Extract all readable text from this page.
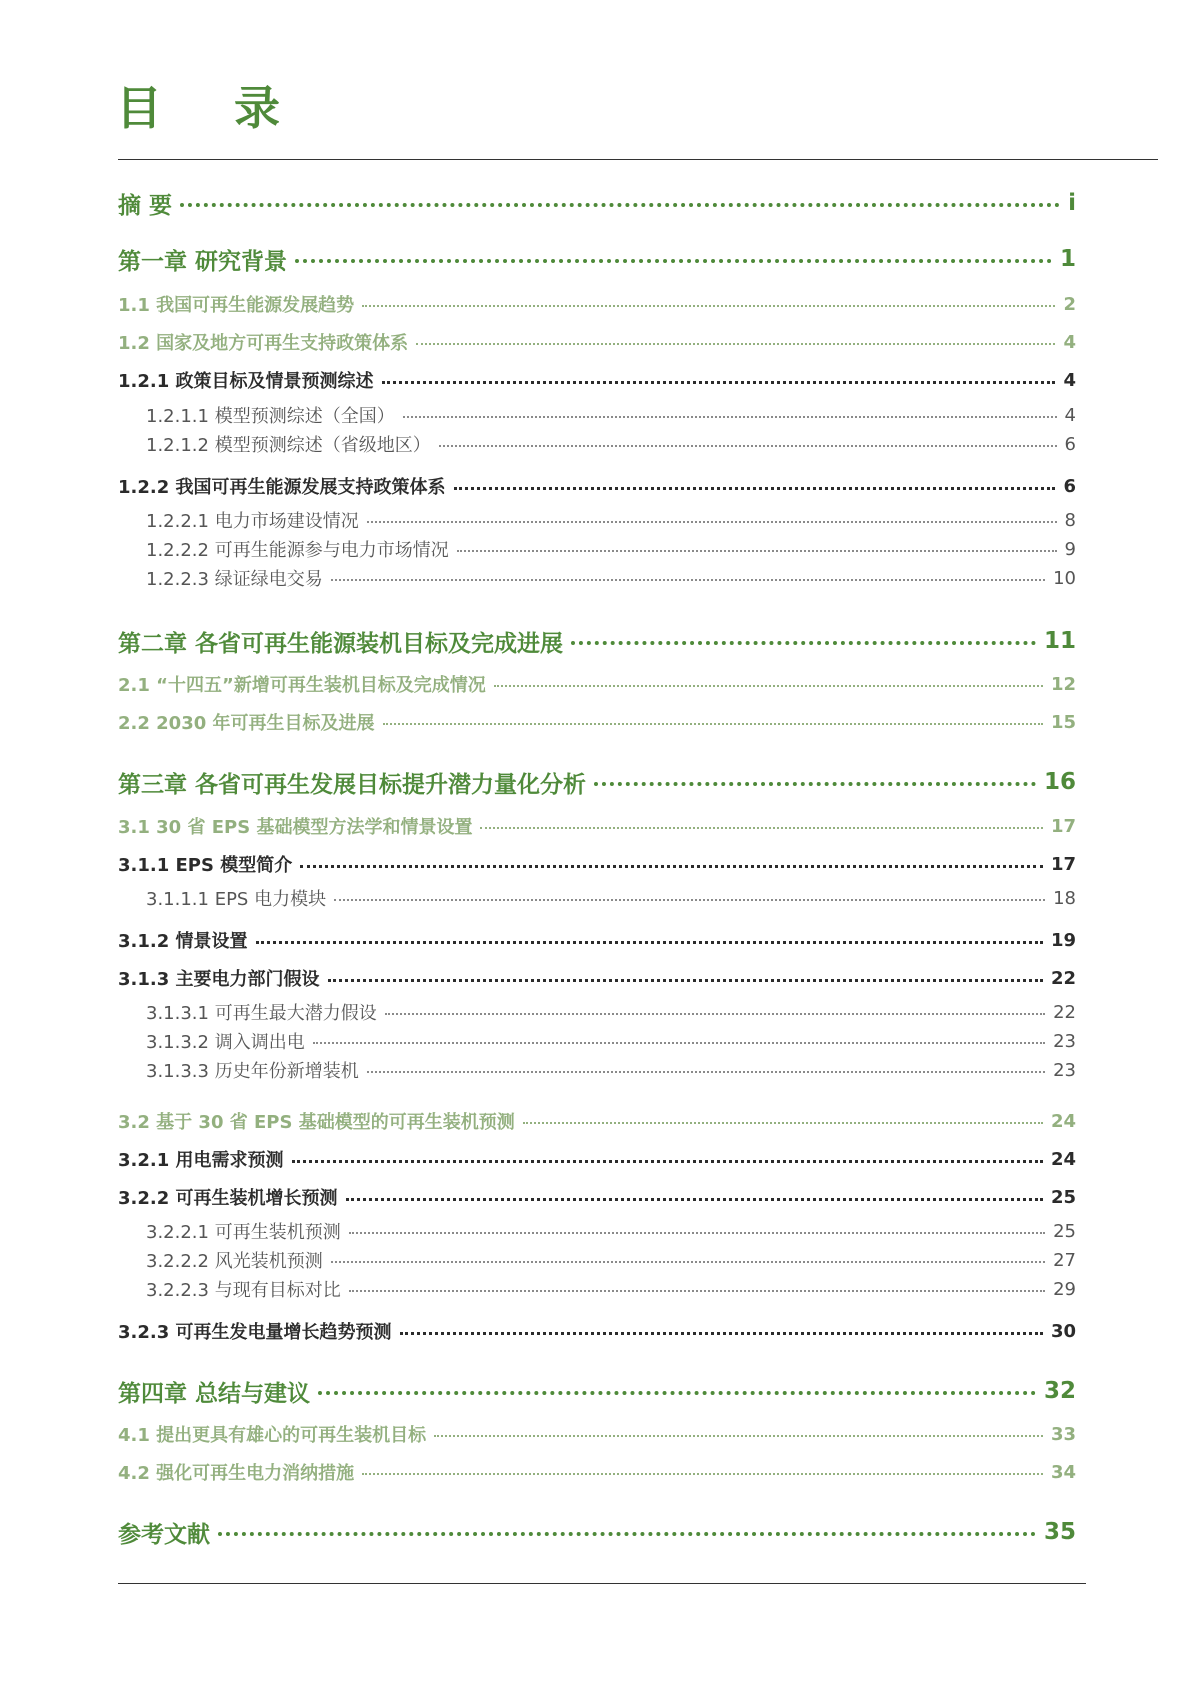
目 录
摘 要	i
第一章 研究背景	1
1.1 我国可再生能源发展趋势	2
1.2 国家及地方可再生支持政策体系	4
1.2.1 政策目标及情景预测综述	4
1.2.1.1 模型预测综述（全国）	4
1.2.1.2 模型预测综述（省级地区）	6
1.2.2 我国可再生能源发展支持政策体系	6
1.2.2.1 电力市场建设情况	8
1.2.2.2 可再生能源参与电力市场情况	9
1.2.2.3 绿证绿电交易	10
第二章 各省可再生能源装机目标及完成进展	11
2.1 “十四五”新增可再生装机目标及完成情况	12
2.2 2030 年可再生目标及进展	15
第三章 各省可再生发展目标提升潜力量化分析	16
3.1 30 省 EPS 基础模型方法学和情景设置	17
3.1.1 EPS 模型简介	17
3.1.1.1 EPS 电力模块	18
3.1.2 情景设置	19
3.1.3 主要电力部门假设	22
3.1.3.1 可再生最大潜力假设	22
3.1.3.2 调入调出电	23
3.1.3.3 历史年份新增装机	23
3.2 基于 30 省 EPS 基础模型的可再生装机预测	24
3.2.1 用电需求预测	24
3.2.2 可再生装机增长预测	25
3.2.2.1 可再生装机预测	25
3.2.2.2 风光装机预测	27
3.2.2.3 与现有目标对比	29
3.2.3 可再生发电量增长趋势预测	30
第四章 总结与建议	32
4.1 提出更具有雄心的可再生装机目标	33
4.2 强化可再生电力消纳措施	34
参考文献	35
